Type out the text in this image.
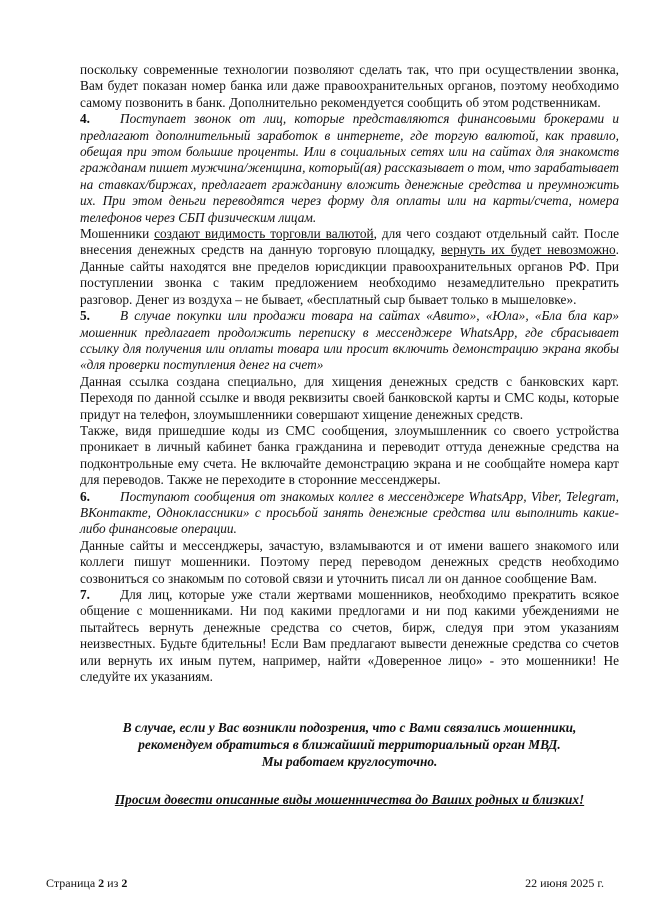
поскольку современные технологии позволяют сделать так, что при осуществлении звонка, Вам будет показан номер банка или даже правоохранительных органов, поэтому необходимо самому позвонить в банк. Дополнительно рекомендуется сообщить об этом родственникам.

4. Поступает звонок от лиц, которые представляются финансовыми брокерами и предлагают дополнительный заработок в интернете, где торгую валютой, как правило, обещая при этом большие проценты. Или в социальных сетях или на сайтах для знакомств гражданам пишет мужчина/женщина, который(ая) рассказывает о том, что зарабатывает на ставках/биржах, предлагает гражданину вложить денежные средства и преумножить их. При этом деньги переводятся через форму для оплаты или на карты/счета, номера телефонов через СБП физическим лицам.

Мошенники создают видимость торговли валютой, для чего создают отдельный сайт. После внесения денежных средств на данную торговую площадку, вернуть их будет невозможно. Данные сайты находятся вне пределов юрисдикции правоохранительных органов РФ. При поступлении звонка с таким предложением необходимо незамедлительно прекратить разговор. Денег из воздуха – не бывает, «бесплатный сыр бывает только в мышеловке».

5. В случае покупки или продажи товара на сайтах «Авито», «Юла», «Бла бла кар» мошенник предлагает продолжить переписку в мессенджере WhatsApp, где сбрасывает ссылку для получения или оплаты товара или просит включить демонстрацию экрана якобы «для проверки поступления денег на счет»

Данная ссылка создана специально, для хищения денежных средств с банковских карт. Переходя по данной ссылке и вводя реквизиты своей банковской карты и СМС коды, которые придут на телефон, злоумышленники совершают хищение денежных средств.

Также, видя пришедшие коды из СМС сообщения, злоумышленник со своего устройства проникает в личный кабинет банка гражданина и переводит оттуда денежные средства на подконтрольные ему счета. Не включайте демонстрацию экрана и не сообщайте номера карт для переводов. Также не переходите в сторонние мессенджеры.

6. Поступают сообщения от знакомых коллег в мессенджере WhatsApp, Viber, Telegram, ВКонтакте, Одноклассники» с просьбой занять денежные средства или выполнить какие-либо финансовые операции.

Данные сайты и мессенджеры, зачастую, взламываются и от имени вашего знакомого или коллеги пишут мошенники. Поэтому перед переводом денежных средств необходимо созвониться со знакомым по сотовой связи и уточнить писал ли он данное сообщение Вам.

7. Для лиц, которые уже стали жертвами мошенников, необходимо прекратить всякое общение с мошенниками. Ни под какими предлогами и ни под какими убеждениями не пытайтесь вернуть денежные средства со счетов, бирж, следуя при этом указаниям неизвестных. Будьте бдительны! Если Вам предлагают вывести денежные средства со счетов или вернуть их иным путем, например, найти «Доверенное лицо» - это мошенники! Не следуйте их указаниям.

В случае, если у Вас возникли подозрения, что с Вами связались мошенники,
рекомендуем обратиться в ближайший территориальный орган МВД.
Мы работаем круглосуточно.
Просим довести описанные виды мошенничества до Ваших родных и близких!
Страница 2 из 2	22 июня 2025 г.
